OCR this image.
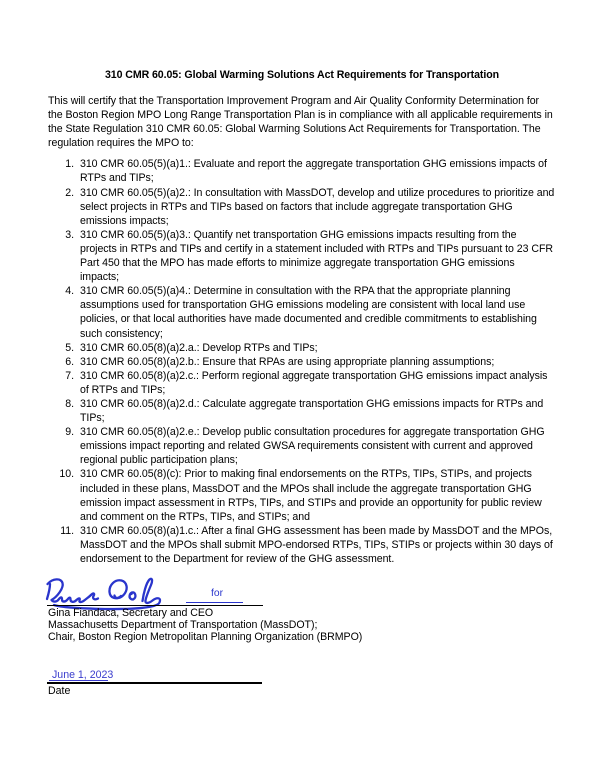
310 CMR 60.05: Global Warming Solutions Act Requirements for Transportation

This will certify that the Transportation Improvement Program and Air Quality Conformity Determination for the Boston Region MPO Long Range Transportation Plan is in compliance with all applicable requirements in the State Regulation 310 CMR 60.05: Global Warming Solutions Act Requirements for Transportation. The regulation requires the MPO to:

1. 310 CMR 60.05(5)(a)1.: Evaluate and report the aggregate transportation GHG emissions impacts of RTPs and TIPs;
2. 310 CMR 60.05(5)(a)2.: In consultation with MassDOT, develop and utilize procedures to prioritize and select projects in RTPs and TIPs based on factors that include aggregate transportation GHG emissions impacts;
3. 310 CMR 60.05(5)(a)3.: Quantify net transportation GHG emissions impacts resulting from the projects in RTPs and TIPs and certify in a statement included with RTPs and TIPs pursuant to 23 CFR Part 450 that the MPO has made efforts to minimize aggregate transportation GHG emissions impacts;
4. 310 CMR 60.05(5)(a)4.: Determine in consultation with the RPA that the appropriate planning assumptions used for transportation GHG emissions modeling are consistent with local land use policies, or that local authorities have made documented and credible commitments to establishing such consistency;
5. 310 CMR 60.05(8)(a)2.a.: Develop RTPs and TIPs;
6. 310 CMR 60.05(8)(a)2.b.: Ensure that RPAs are using appropriate planning assumptions;
7. 310 CMR 60.05(8)(a)2.c.: Perform regional aggregate transportation GHG emissions impact analysis of RTPs and TIPs;
8. 310 CMR 60.05(8)(a)2.d.: Calculate aggregate transportation GHG emissions impacts for RTPs and TIPs;
9. 310 CMR 60.05(8)(a)2.e.: Develop public consultation procedures for aggregate transportation GHG emissions impact reporting and related GWSA requirements consistent with current and approved regional public participation plans;
10. 310 CMR 60.05(8)(c): Prior to making final endorsements on the RTPs, TIPs, STIPs, and projects included in these plans, MassDOT and the MPOs shall include the aggregate transportation GHG emission impact assessment in RTPs, TIPs, and STIPs and provide an opportunity for public review and comment on the RTPs, TIPs, and STIPs; and
11. 310 CMR 60.05(8)(a)1.c.: After a final GHG assessment has been made by MassDOT and the MPOs, MassDOT and the MPOs shall submit MPO-endorsed RTPs, TIPs, STIPs or projects within 30 days of endorsement to the Department for review of the GHG assessment.
for
Gina Fiandaca, Secretary and CEO
Massachusetts Department of Transportation (MassDOT);
Chair, Boston Region Metropolitan Planning Organization (BRMPO)
June 1, 2023
Date
